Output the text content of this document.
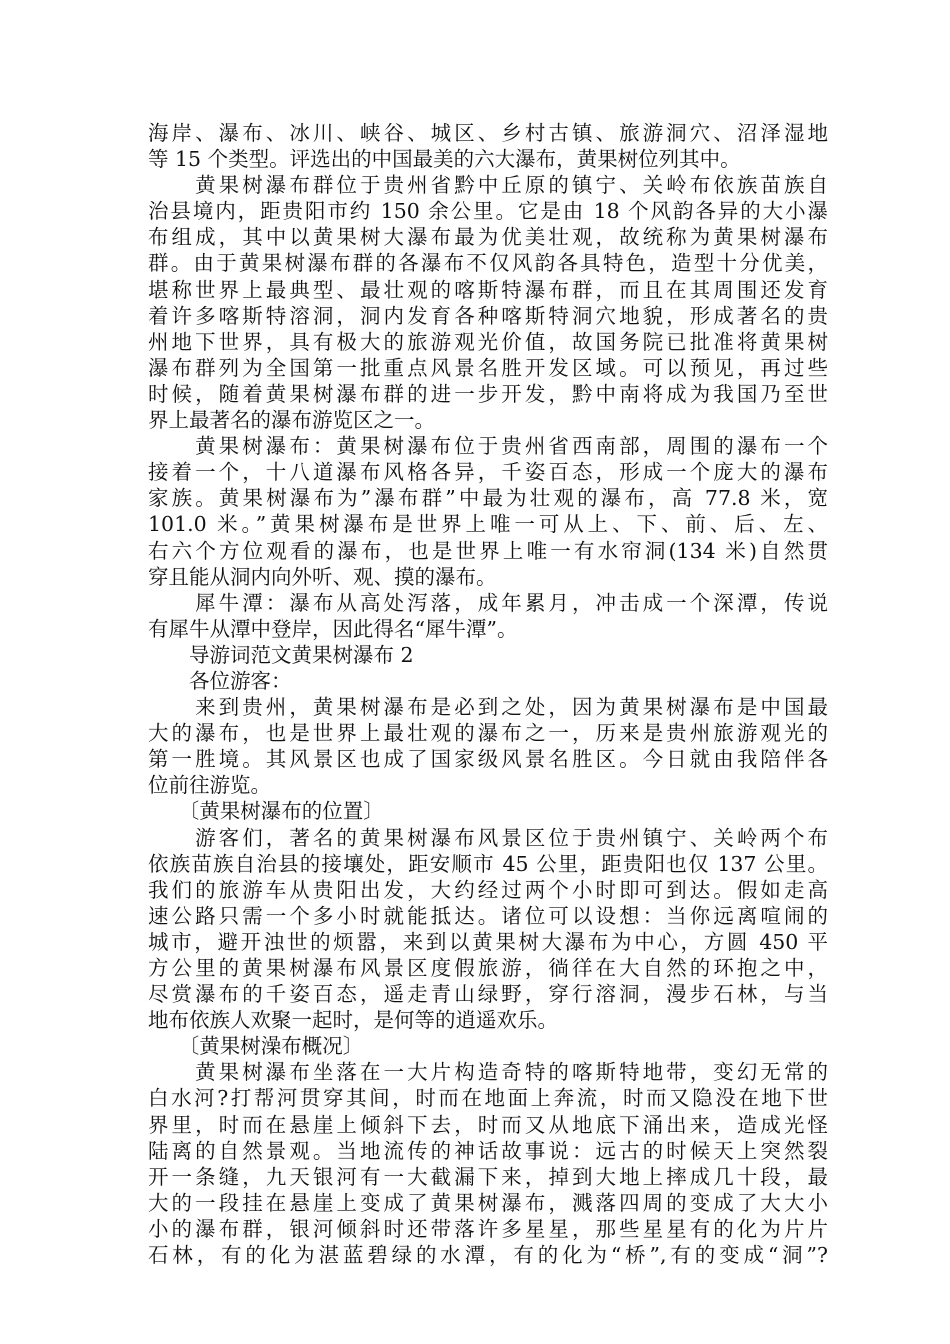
海岸、瀑布、冰川、峡谷、城区、乡村古镇、旅游洞穴、沼泽湿地
等 15 个类型。评选出的中国最美的六大瀑布，黄果树位列其中。
　　黄果树瀑布群位于贵州省黔中丘原的镇宁、关岭布依族苗族自
治县境内，距贵阳市约 150 余公里。它是由 18 个风韵各异的大小瀑
布组成，其中以黄果树大瀑布最为优美壮观，故统称为黄果树瀑布
群。由于黄果树瀑布群的各瀑布不仅风韵各具特色，造型十分优美，
堪称世界上最典型、最壮观的喀斯特瀑布群，而且在其周围还发育
着许多喀斯特溶洞，洞内发育各种喀斯特洞穴地貌，形成著名的贵
州地下世界，具有极大的旅游观光价值，故国务院已批准将黄果树
瀑布群列为全国第一批重点风景名胜开发区域。可以预见，再过些
时候，随着黄果树瀑布群的进一步开发，黔中南将成为我国乃至世
界上最著名的瀑布游览区之一。
　　黄果树瀑布：黄果树瀑布位于贵州省西南部，周围的瀑布一个
接着一个，十八道瀑布风格各异，千姿百态，形成一个庞大的瀑布
家族。黄果树瀑布为”瀑布群”中最为壮观的瀑布，高 77.8 米，宽
101.0 米。”黄果树瀑布是世界上唯一可从上、下、前、后、左、
右六个方位观看的瀑布，也是世界上唯一有水帘洞(134 米)自然贯
穿且能从洞内向外听、观、摸的瀑布。
　　犀牛潭：瀑布从高处泻落，成年累月，冲击成一个深潭，传说
有犀牛从潭中登岸，因此得名“犀牛潭”。
　　导游词范文黄果树瀑布 2
　　各位游客：
　　来到贵州，黄果树瀑布是必到之处，因为黄果树瀑布是中国最
大的瀑布，也是世界上最壮观的瀑布之一，历来是贵州旅游观光的
第一胜境。其风景区也成了国家级风景名胜区。今日就由我陪伴各
位前往游览。
　　〔黄果树瀑布的位置〕
　　游客们，著名的黄果树瀑布风景区位于贵州镇宁、关岭两个布
依族苗族自治县的接壤处，距安顺市 45 公里，距贵阳也仅 137 公里。
我们的旅游车从贵阳出发，大约经过两个小时即可到达。假如走高
速公路只需一个多小时就能抵达。诸位可以设想：当你远离喧闹的
城市，避开浊世的烦嚣，来到以黄果树大瀑布为中心，方圆 450 平
方公里的黄果树瀑布风景区度假旅游，徜徉在大自然的环抱之中，
尽赏瀑布的千姿百态，遥走青山绿野，穿行溶洞，漫步石林，与当
地布依族人欢聚一起时，是何等的逍遥欢乐。
　　〔黄果树澡布概况〕
　　黄果树瀑布坐落在一大片构造奇特的喀斯特地带，变幻无常的
白水河?打帮河贯穿其间，时而在地面上奔流，时而又隐没在地下世
界里，时而在悬崖上倾斜下去，时而又从地底下涌出来，造成光怪
陆离的自然景观。当地流传的神话故事说：远古的时候天上突然裂
开一条缝，九天银河有一大截漏下来，掉到大地上摔成几十段，最
大的一段挂在悬崖上变成了黄果树瀑布，溅落四周的变成了大大小
小的瀑布群，银河倾斜时还带落许多星星，那些星星有的化为片片
石林，有的化为湛蓝碧绿的水潭，有的化为“桥”,有的变成“洞”?
